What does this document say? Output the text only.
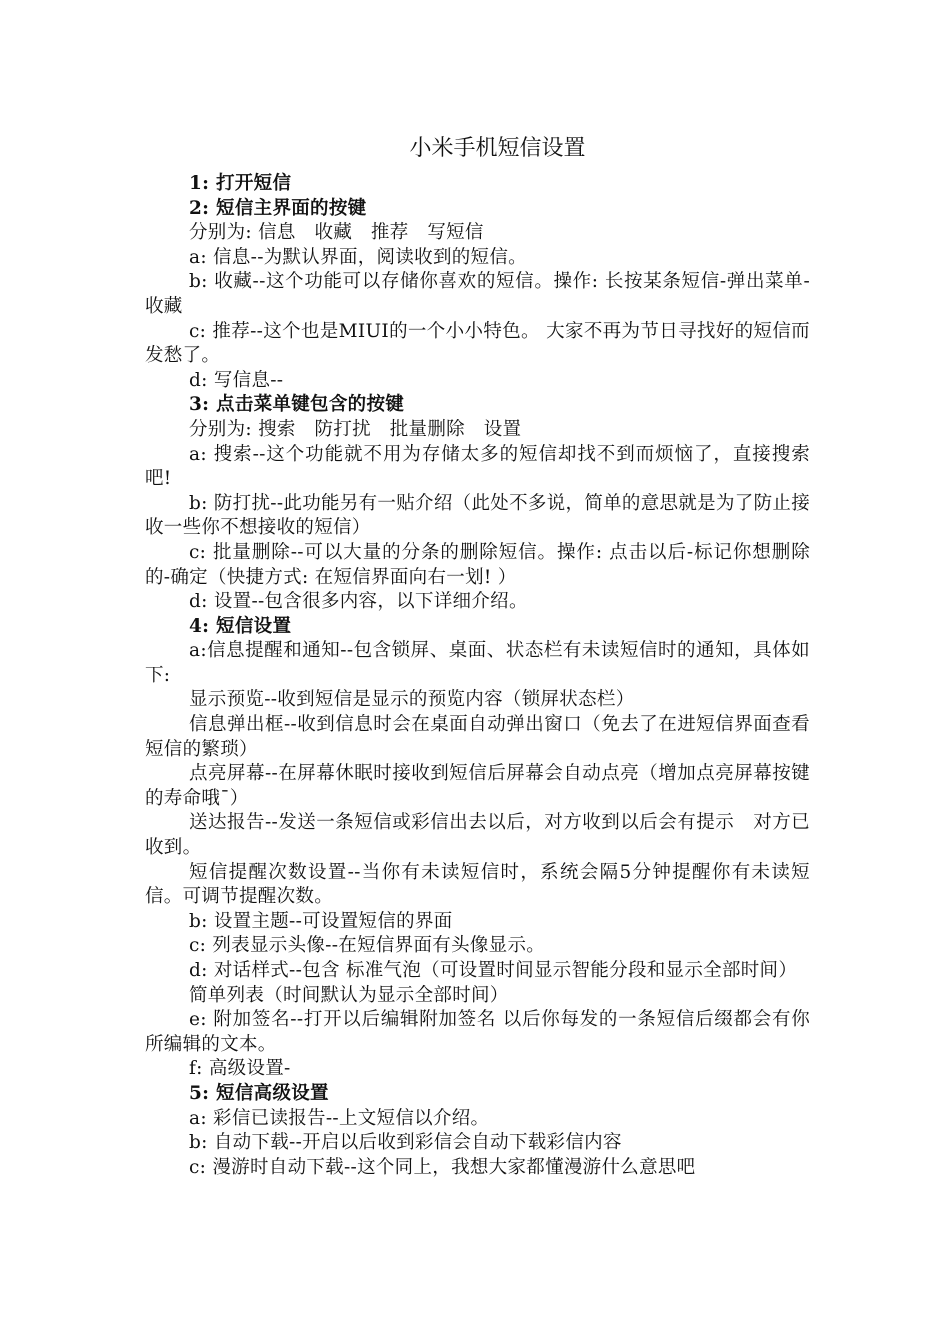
小米手机短信设置

1: 打开短信

2: 短信主界面的按键

分别为: 信息　收藏　推荐　写短信

a: 信息--为默认界面，阅读收到的短信。

b: 收藏--这个功能可以存储你喜欢的短信。操作: 长按某条短信-弹出菜单-收藏

c: 推荐--这个也是MIUI的一个小小特色。 大家不再为节日寻找好的短信而发愁了。

d: 写信息--

3: 点击菜单键包含的按键

分别为: 搜索　防打扰　批量删除　设置

a: 搜索--这个功能就不用为存储太多的短信却找不到而烦恼了，直接搜索吧!

b: 防打扰--此功能另有一贴介绍（此处不多说，简单的意思就是为了防止接收一些你不想接收的短信）

c: 批量删除--可以大量的分条的删除短信。操作: 点击以后-标记你想删除的-确定（快捷方式: 在短信界面向右一划! ）

d: 设置--包含很多内容，以下详细介绍。

4: 短信设置

a:信息提醒和通知--包含锁屏、桌面、状态栏有未读短信时的通知，具体如下:

显示预览--收到短信是显示的预览内容（锁屏状态栏）

信息弹出框--收到信息时会在桌面自动弹出窗口（免去了在进短信界面查看短信的繁琐）

点亮屏幕--在屏幕休眠时接收到短信后屏幕会自动点亮（增加点亮屏幕按键的寿命哦¯）

送达报告--发送一条短信或彩信出去以后，对方收到以后会有提示　对方已收到。

短信提醒次数设置--当你有未读短信时，系统会隔5分钟提醒你有未读短信。可调节提醒次数。

b: 设置主题--可设置短信的界面

c: 列表显示头像--在短信界面有头像显示。

d: 对话样式--包含 标准气泡（可设置时间显示智能分段和显示全部时间）

简单列表（时间默认为显示全部时间）

e: 附加签名--打开以后编辑附加签名 以后你每发的一条短信后缀都会有你所编辑的文本。

f: 高级设置-

5: 短信高级设置

a: 彩信已读报告--上文短信以介绍。

b: 自动下载--开启以后收到彩信会自动下载彩信内容

c: 漫游时自动下载--这个同上，我想大家都懂漫游什么意思吧
